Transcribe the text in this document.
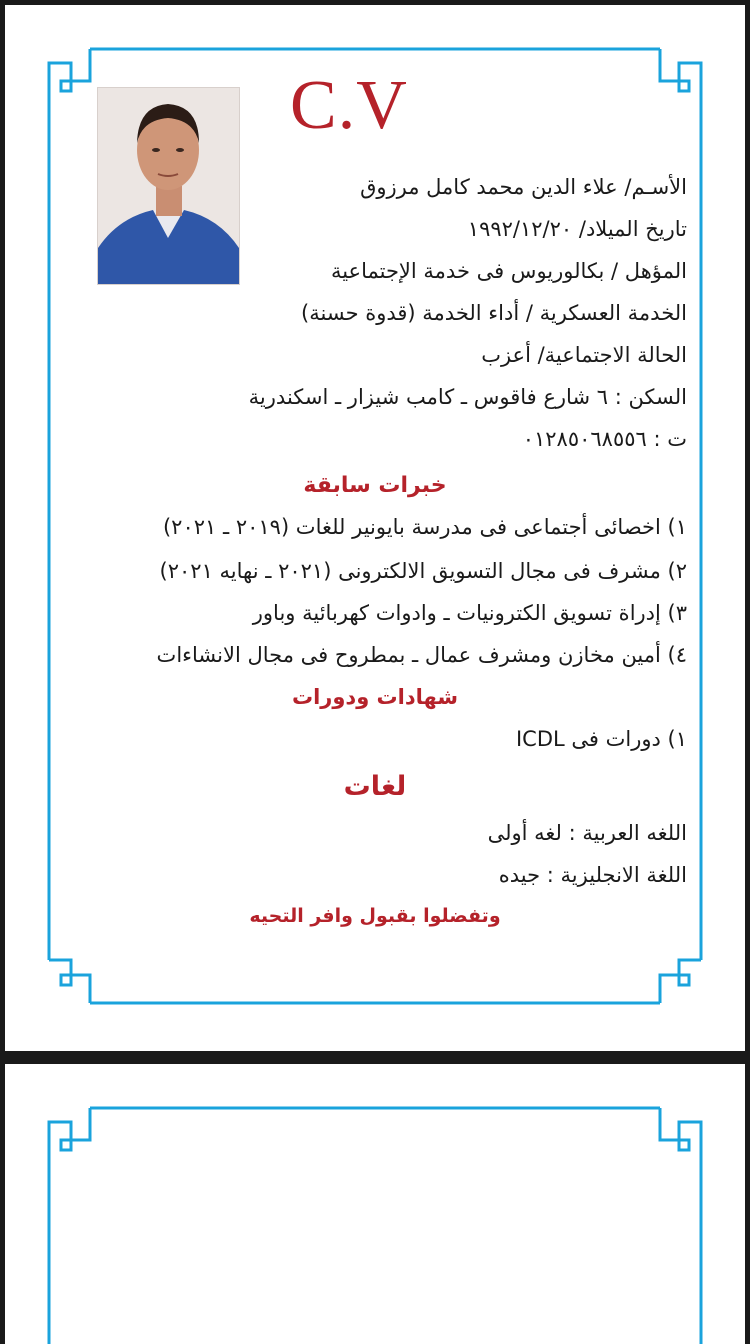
C.V
الأسـم/ علاء الدين محمد كامل مرزوق
تاريخ الميلاد/ ١٩٩٢/١٢/٢٠
المؤهل / بكالوريوس فى خدمة الإجتماعية
الخدمة العسكرية / أداء الخدمة (قدوة حسنة)
الحالة الاجتماعية/ أعزب
السكن : ٦ شارع فاقوس ـ كامب شيزار ـ اسكندرية
ت : ٠١٢٨٥٠٦٨٥٥٦
خبرات سابقة
١) اخصائى أجتماعى فى مدرسة بايونير للغات (٢٠١٩ ـ ٢٠٢١)
٢) مشرف فى مجال التسويق الالكترونى (٢٠٢١ ـ نهايه ٢٠٢١)
٣) إدراة تسويق الكترونيات ـ وادوات كهربائية وباور
٤) أمين مخازن ومشرف عمال ـ بمطروح فى مجال الانشاءات
شهادات ودورات
١) دورات فى ICDL
لغات
اللغه العربية : لغه أولى
اللغة الانجليزية : جيده
وتفضلوا بقبول وافر التحيه
